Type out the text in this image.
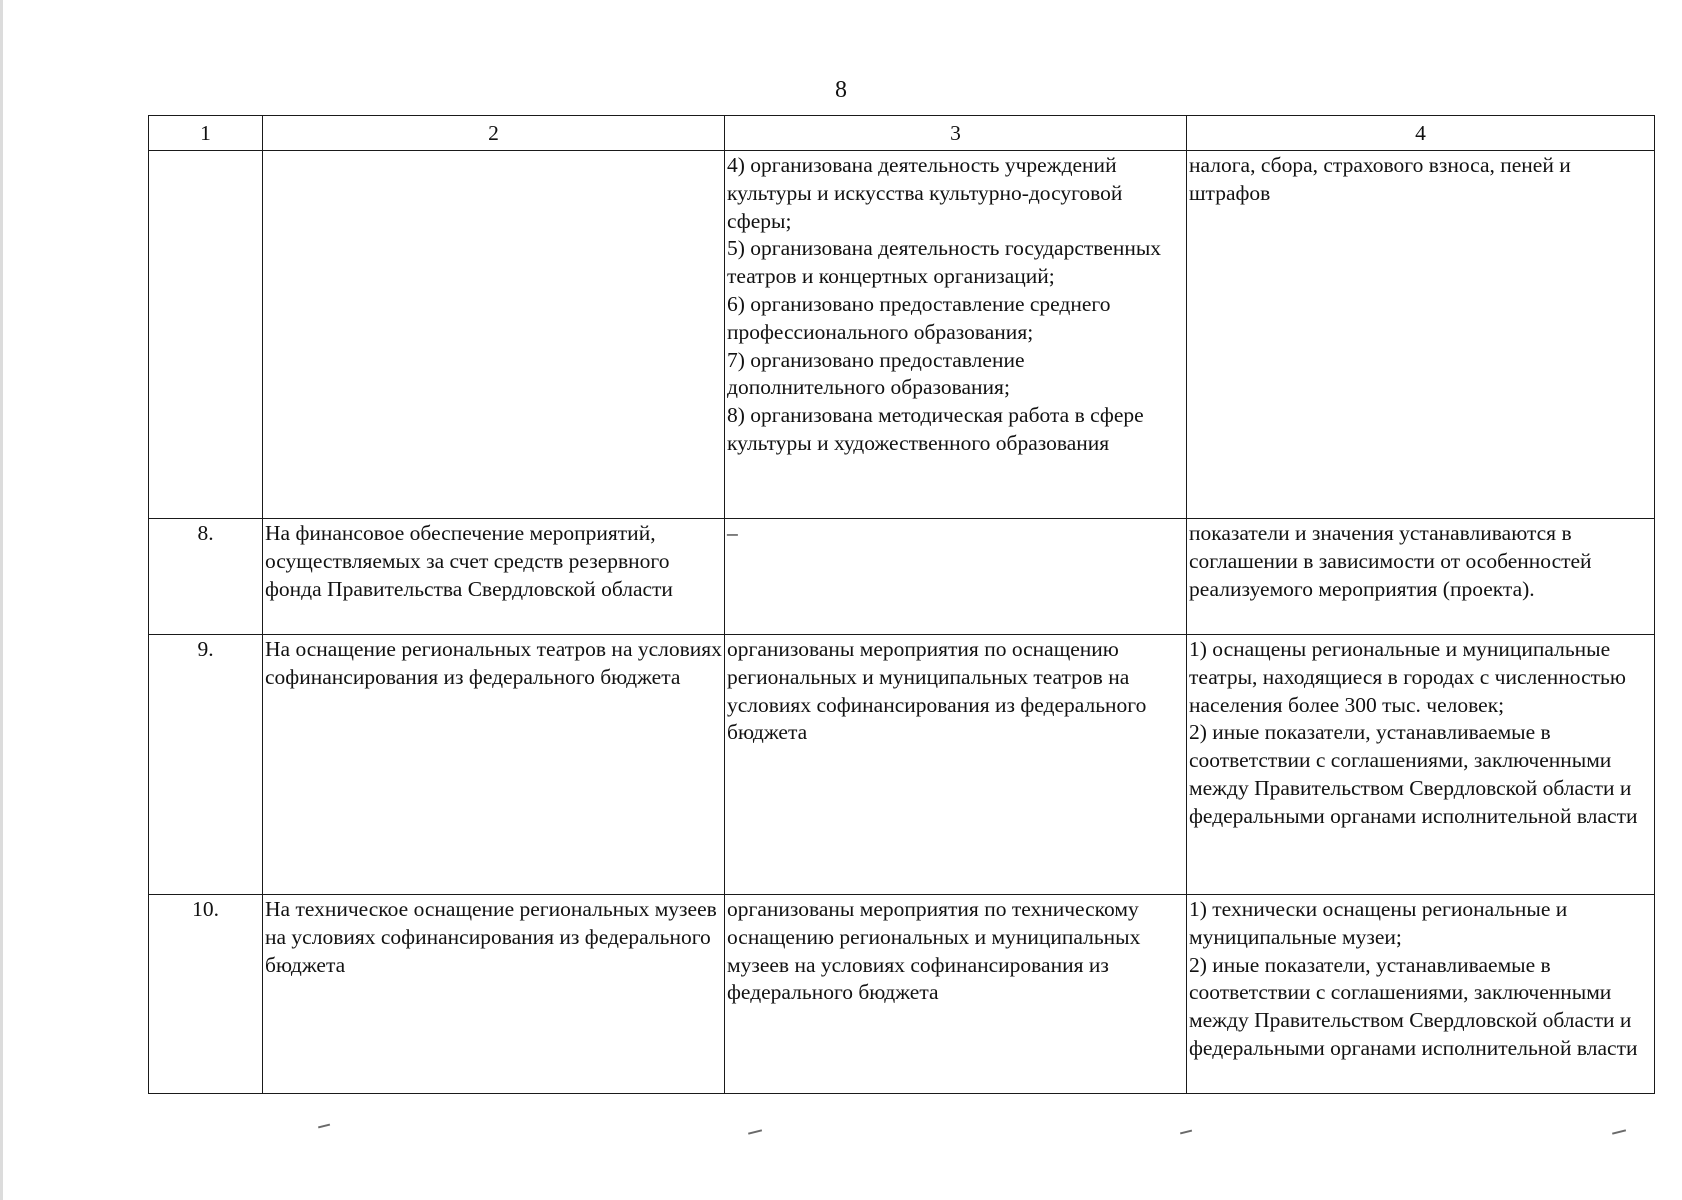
8
1	2	3	4
		4) организована деятельность учреждений культуры и искусства культурно-досуговой сферы;
5) организована деятельность государственных театров и концертных организаций;
6) организовано предоставление среднего профессионального образования;
7) организовано предоставление дополнительного образования;
8) организована методическая работа в сфере культуры и художественного образования	налога, сбора, страхового взноса, пеней и штрафов
8.	На финансовое обеспечение мероприятий, осуществляемых за счет средств резервного фонда Правительства Свердловской области	–	показатели и значения устанавливаются в соглашении в зависимости от особенностей реализуемого мероприятия (проекта).
9.	На оснащение региональных театров на условиях софинансирования из федерального бюджета	организованы мероприятия по оснащению региональных и муниципальных театров на условиях софинансирования из федерального бюджета	1) оснащены региональные и муниципальные театры, находящиеся в городах с численностью населения более 300 тыс. человек;
2) иные показатели, устанавливаемые в соответствии с соглашениями, заключенными между Правительством Свердловской области и федеральными органами исполнительной власти
10.	На техническое оснащение региональных музеев на условиях софинансирования из федерального бюджета	организованы мероприятия по техническому оснащению региональных и муниципальных музеев на условиях софинансирования из федерального бюджета	1) технически оснащены региональные и муниципальные музеи;
2) иные показатели, устанавливаемые в соответствии с соглашениями, заключенными между Правительством Свердловской области и федеральными органами исполнительной власти
